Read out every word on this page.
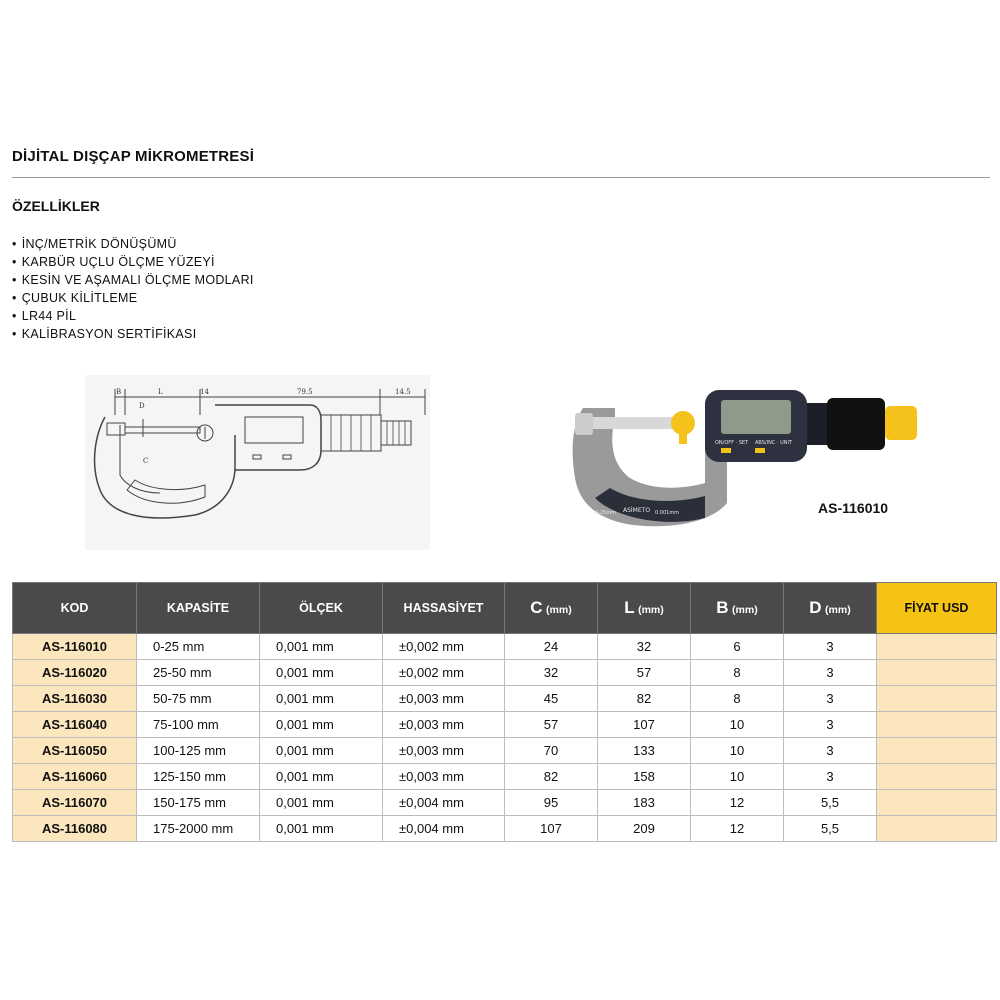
DİJİTAL DIŞÇAP MİKROMETRESİ
ÖZELLİKLER
• İNÇ/METRİK DÖNÜŞÜMÜ
• KARBÜR UÇLU ÖLÇME YÜZEYİ
• KESİN VE AŞAMALI ÖLÇME MODLARI
• ÇUBUK KİLİTLEME
• LR44 PİL
• KALİBRASYON SERTİFİKASI
B	L	14	79.5	14.5
D
C
ON/OFF · SET ABS/INC · UNIT
0-25mm ASİMETO 0.001mm	AS-116010
KOD	KAPASİTE	ÖLÇEK	HASSASİYET	C (mm)	L (mm)	B (mm)	D (mm)	FİYAT USD
AS-116010	0-25 mm	0,001 mm	±0,002 mm	24	32	6	3	
AS-116020	25-50 mm	0,001 mm	±0,002 mm	32	57	8	3	
AS-116030	50-75 mm	0,001 mm	±0,003 mm	45	82	8	3	
AS-116040	75-100 mm	0,001 mm	±0,003 mm	57	107	10	3	
AS-116050	100-125 mm	0,001 mm	±0,003 mm	70	133	10	3	
AS-116060	125-150 mm	0,001 mm	±0,003 mm	82	158	10	3	
AS-116070	150-175 mm	0,001 mm	±0,004 mm	95	183	12	5,5	
AS-116080	175-2000 mm	0,001 mm	±0,004 mm	107	209	12	5,5	
